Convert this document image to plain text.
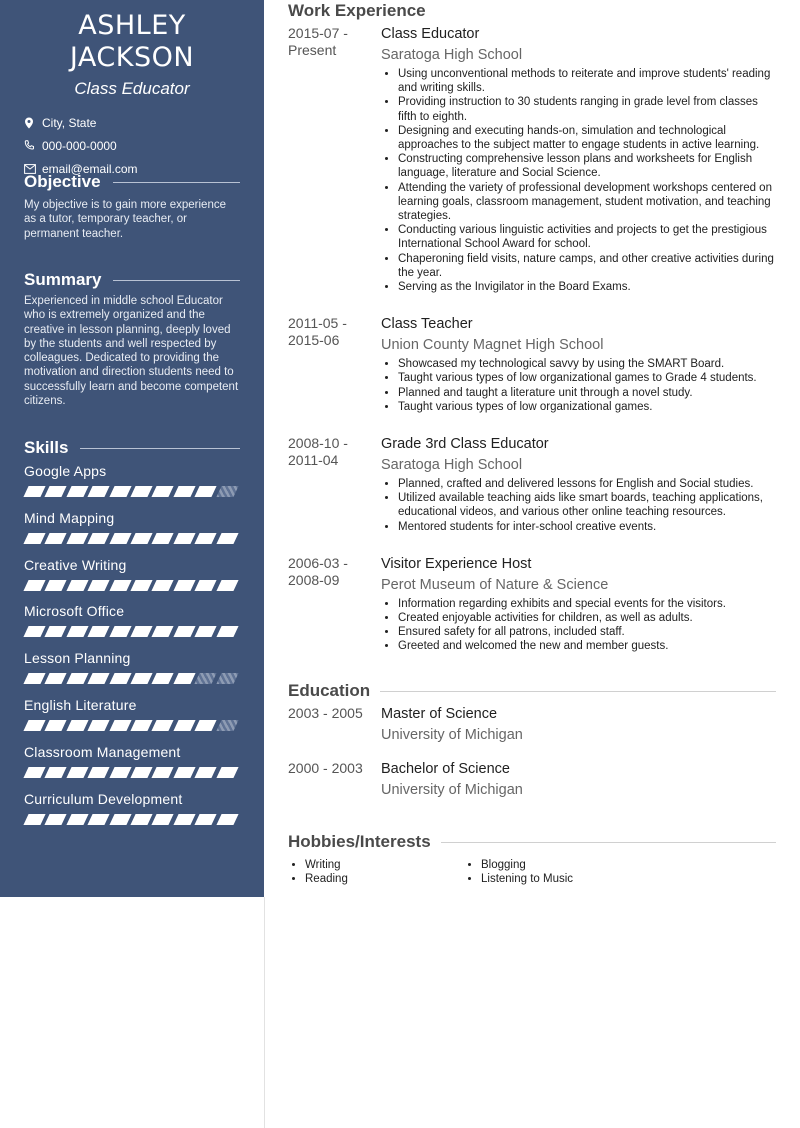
ASHLEY JACKSON
Class Educator
City, State
000-000-0000
email@email.com
Objective

My objective is to gain more experience as a tutor, temporary teacher, or permanent teacher.

Summary

Experienced in middle school Educator who is extremely organized and the creative in lesson planning, deeply loved by the students and well respected by colleagues. Dedicated to providing the motivation and direction students need to successfully learn and become competent citizens.

Skills
Google Apps
Mind Mapping
Creative Writing
Microsoft Office
Lesson Planning
English Literature
Classroom Management
Curriculum Development
Work Experience
2015-07 -
Present
Class Educator
Saratoga High School
• Using unconventional methods to reiterate and improve students' reading and writing skills.
• Providing instruction to 30 students ranging in grade level from classes fifth to eighth.
• Designing and executing hands-on, simulation and technological approaches to the subject matter to engage students in active learning.
• Constructing comprehensive lesson plans and worksheets for English language, literature and Social Science.
• Attending the variety of professional development workshops centered on learning goals, classroom management, student motivation, and teaching strategies.
• Conducting various linguistic activities and projects to get the prestigious International School Award for school.
• Chaperoning field visits, nature camps, and other creative activities during the year.
• Serving as the Invigilator in the Board Exams.
2011-05 -
2015-06
Class Teacher
Union County Magnet High School
• Showcased my technological savvy by using the SMART Board.
• Taught various types of low organizational games to Grade 4 students.
• Planned and taught a literature unit through a novel study.
• Taught various types of low organizational games.
2008-10 -
2011-04
Grade 3rd Class Educator
Saratoga High School
• Planned, crafted and delivered lessons for English and Social studies.
• Utilized available teaching aids like smart boards, teaching applications, educational videos, and various other online teaching resources.
• Mentored students for inter-school creative events.
2006-03 -
2008-09
Visitor Experience Host
Perot Museum of Nature & Science
• Information regarding exhibits and special events for the visitors.
• Created enjoyable activities for children, as well as adults.
• Ensured safety for all patrons, included staff.
• Greeted and welcomed the new and member guests.
Education
2003 - 2005	Master of Science
University of Michigan
2000 - 2003	Bachelor of Science
University of Michigan
Hobbies/Interests
• Writing
• Reading
• Blogging
• Listening to Music
